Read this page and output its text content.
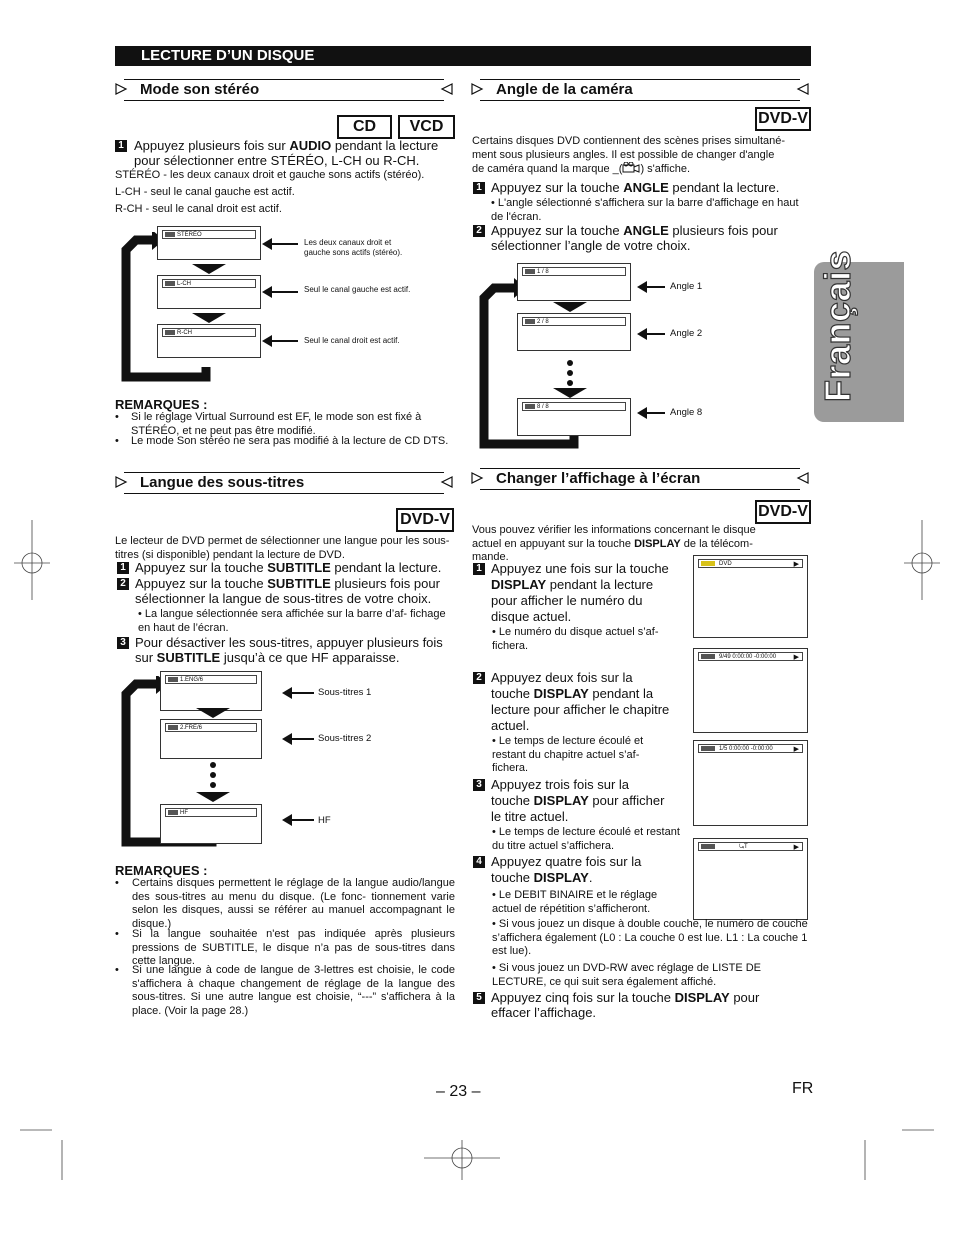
LECTURE D’UN DISQUE
Français
Mode son stéréo
CD	VCD
1 Appuyez plusieurs fois sur AUDIO pendant la lecture
pour sélectionner entre STÉRÉO, L-CH ou R-CH.
STÉRÉO - les deux canaux droit et gauche sons actifs (stéréo).
L-CH - seul le canal gauche est actif.
R-CH - seul le canal droit est actif.
STÉRÉO
L-CH
R-CH
Les deux canaux droit et gauche sons actifs (stéréo).
Seul le canal gauche est actif.
Seul le canal droit est actif.
REMARQUES :
• Si le réglage Virtual Surround est EF, le mode son est fixé à STÉRÉO, et ne peut pas être modifié.
• Le mode Son stéréo ne sera pas modifié à la lecture de CD DTS.
Langue des sous-titres
DVD-V
Le lecteur de DVD permet de sélectionner une langue pour les sous-titres (si disponible) pendant la lecture de DVD.
1 Appuyez sur la touche SUBTITLE pendant la lecture.
2 Appuyez sur la touche SUBTITLE plusieurs fois pour
sélectionner la langue de sous-titres de votre choix.
• La langue sélectionnée sera affichée sur la barre d’af- fichage en haut de l’écran.
3 Pour désactiver les sous-titres, appuyer plusieurs fois
sur SUBTITLE jusqu’à ce que HF apparaisse.
1.ENG/6
2.FRE/6
HF
Sous-titres 1
Sous-titres 2
HF
REMARQUES :
• Certains disques permettent le réglage de la langue audio/langue des sous-titres au menu du disque. (Le fonc- tionnement varie selon les disques, aussi se référer au manuel accompagnant le disque.)
• Si la langue souhaitée n'est pas indiquée après plusieurs pressions de SUBTITLE, le disque n’a pas de sous-titres dans cette langue.
• Si une langue à code de langue de 3-lettres est choisie, le code s'affichera à chaque changement de réglage de la langue des sous-titres. Si une autre langue est choisie, “---” s'affichera à la place. (Voir la page 28.)
Angle de la caméra
DVD-V
Certains disques DVD contiennent des scènes prises simultané-
ment sous plusieurs angles. Il est possible de changer d'angle
de caméra quand la marque _( ) s'affiche.
1 Appuyez sur la touche ANGLE pendant la lecture.
• L'angle sélectionné s'affichera sur la barre d'affichage en haut de l'écran.
2 Appuyez sur la touche ANGLE plusieurs fois pour
sélectionner l’angle de votre choix.
1 / 8
2 / 8
8 / 8
Angle 1
Angle 2
Angle 8
Changer l’affichage à l’écran
DVD-V
Vous pouvez vérifier les informations concernant le disque
actuel en appuyant sur la touche DISPLAY de la télécom-
mande.
DVD	▶
9/49 0:00:00 -0:00:00	▶
1/5 0:00:00 -0:00:00	▶
⤿T	▶
1 Appuyez une fois sur la touche
DISPLAY pendant la lecture
pour afficher le numéro du
disque actuel.
• Le numéro du disque actuel s’af- fichera.
2 Appuyez deux fois sur la
touche DISPLAY pendant la
lecture pour afficher le chapitre
actuel.
• Le temps de lecture écoulé et restant du chapitre actuel s’af- fichera.
3 Appuyez trois fois sur la
touche DISPLAY pour afficher
le titre actuel.
• Le temps de lecture écoulé et restant du titre actuel s’affichera.
4 Appuyez quatre fois sur la
touche DISPLAY.
• Le DEBIT BINAIRE et le réglage actuel de répétition s’afficheront.
• Si vous jouez un disque à double couche, le numéro de couche s’affichera également (L0 : La couche 0 est lue. L1 : La couche 1 est lue).
• Si vous jouez un DVD-RW avec réglage de LISTE DE LECTURE, ce qui suit sera également affiché.
5 Appuyez cinq fois sur la touche DISPLAY pour
effacer l’affichage.
– 23 –	FR
